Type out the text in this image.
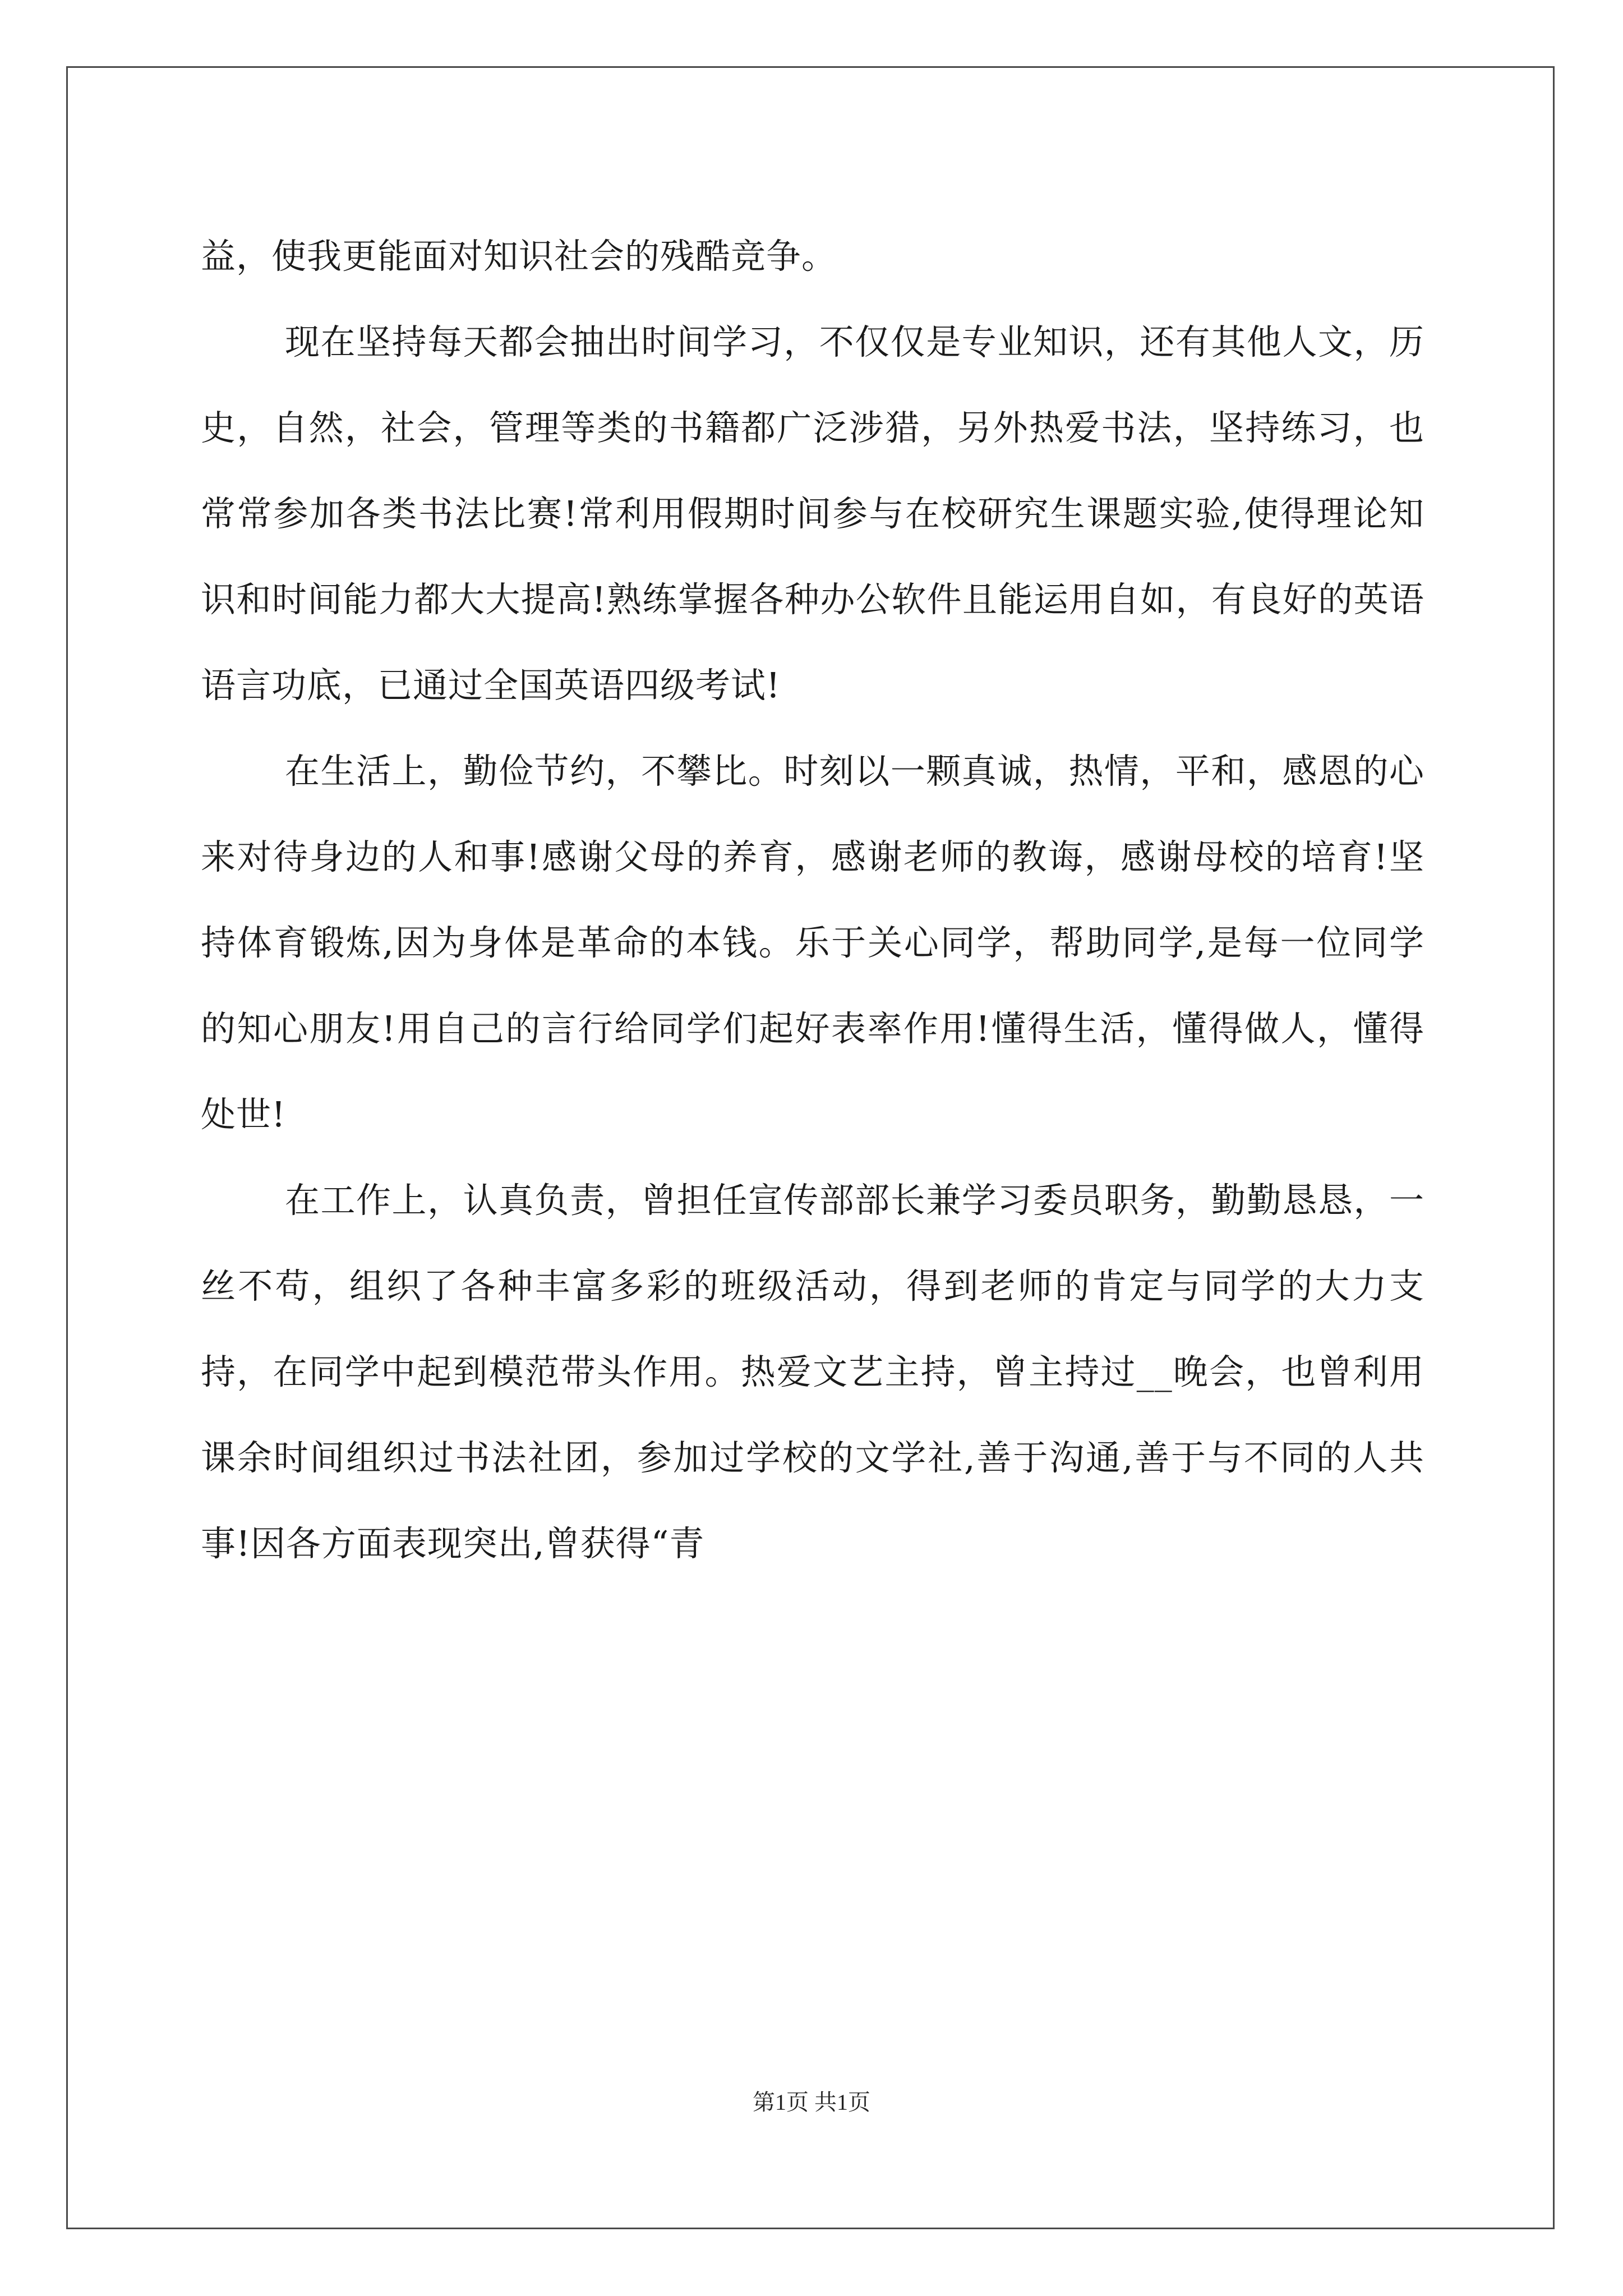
益，使我更能面对知识社会的残酷竞争。

现在坚持每天都会抽出时间学习，不仅仅是专业知识，还有其他人文，历史，自然，社会，管理等类的书籍都广泛涉猎，另外热爱书法，坚持练习，也常常参加各类书法比赛!常利用假期时间参与在校研究生课题实验,使得理论知识和时间能力都大大提高!熟练掌握各种办公软件且能运用自如，有良好的英语语言功底，已通过全国英语四级考试!

在生活上，勤俭节约，不攀比。时刻以一颗真诚，热情，平和，感恩的心来对待身边的人和事!感谢父母的养育，感谢老师的教诲，感谢母校的培育!坚持体育锻炼,因为身体是革命的本钱。乐于关心同学，帮助同学,是每一位同学的知心朋友!用自己的言行给同学们起好表率作用!懂得生活，懂得做人，懂得处世!

在工作上，认真负责，曾担任宣传部部长兼学习委员职务，勤勤恳恳，一丝不苟，组织了各种丰富多彩的班级活动，得到老师的肯定与同学的大力支持，在同学中起到模范带头作用。热爱文艺主持，曾主持过__晚会，也曾利用课余时间组织过书法社团，参加过学校的文学社,善于沟通,善于与不同的人共事!因各方面表现突出,曾获得“青

第1页 共1页
